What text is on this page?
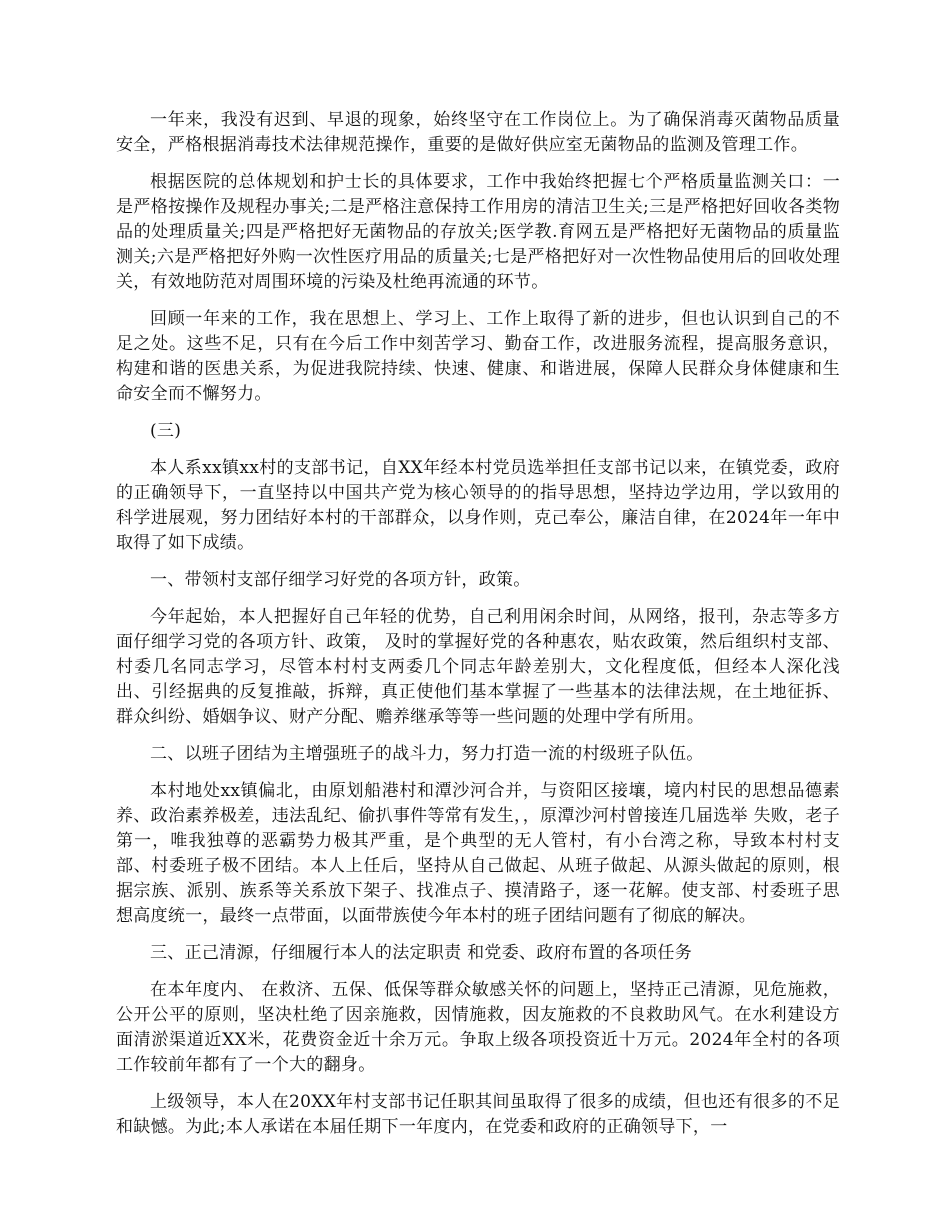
一年来，我没有迟到、早退的现象，始终坚守在工作岗位上。为了确保消毒灭菌物品质量安全，严格根据消毒技术法律规范操作，重要的是做好供应室无菌物品的监测及管理工作。

根据医院的总体规划和护士长的具体要求，工作中我始终把握七个严格质量监测关口：一是严格按操作及规程办事关;二是严格注意保持工作用房的清洁卫生关;三是严格把好回收各类物品的处理质量关;四是严格把好无菌物品的存放关;医学教.育网五是严格把好无菌物品的质量监测关;六是严格把好外购一次性医疗用品的质量关;七是严格把好对一次性物品使用后的回收处理关，有效地防范对周围环境的污染及杜绝再流通的环节。

回顾一年来的工作，我在思想上、学习上、工作上取得了新的进步，但也认识到自己的不足之处。这些不足，只有在今后工作中刻苦学习、勤奋工作，改进服务流程，提高服务意识，构建和谐的医患关系，为促进我院持续、快速、健康、和谐进展，保障人民群众身体健康和生命安全而不懈努力。

(三)

本人系xx镇xx村的支部书记，自XX年经本村党员选举担任支部书记以来，在镇党委，政府的正确领导下，一直坚持以中国共产党为核心领导的的指导思想，坚持边学边用，学以致用的科学进展观，努力团结好本村的干部群众，以身作则，克己奉公，廉洁自律，在2024年一年中取得了如下成绩。

一、带领村支部仔细学习好党的各项方针，政策。

今年起始，本人把握好自己年轻的优势，自己利用闲余时间，从网络，报刊，杂志等多方面仔细学习党的各项方针、政策， 及时的掌握好党的各种惠农，贴农政策，然后组织村支部、村委几名同志学习，尽管本村村支两委几个同志年龄差别大，文化程度低，但经本人深化浅出、引经据典的反复推敲，拆辩，真正使他们基本掌握了一些基本的法律法规，在土地征拆、群众纠纷、婚姻争议、财产分配、赡养继承等等一些问题的处理中学有所用。

二、以班子团结为主增强班子的战斗力，努力打造一流的村级班子队伍。

本村地处xx镇偏北，由原划船港村和潭沙河合并，与资阳区接壤，境内村民的思想品德素养、政治素养极差，违法乱纪、偷扒事件等常有发生，，原潭沙河村曾接连几届选举 失败，老子第一，唯我独尊的恶霸势力极其严重，是个典型的无人管村，有小台湾之称，导致本村村支部、村委班子极不团结。本人上任后，坚持从自己做起、从班子做起、从源头做起的原则，根据宗族、派别、族系等关系放下架子、找准点子、摸清路子，逐一花解。使支部、村委班子思想高度统一，最终一点带面，以面带族使今年本村的班子团结问题有了彻底的解决。

三、正己清源，仔细履行本人的法定职责 和党委、政府布置的各项任务

在本年度内、 在救济、五保、低保等群众敏感关怀的问题上，坚持正己清源，见危施救，公开公平的原则，坚决杜绝了因亲施救，因情施救，因友施救的不良救助风气。在水利建设方面清淤渠道近XX米，花费资金近十余万元。争取上级各项投资近十万元。2024年全村的各项工作较前年都有了一个大的翻身。

上级领导，本人在20XX年村支部书记任职其间虽取得了很多的成绩，但也还有很多的不足和缺憾。为此;本人承诺在本届任期下一年度内，在党委和政府的正确领导下，一
